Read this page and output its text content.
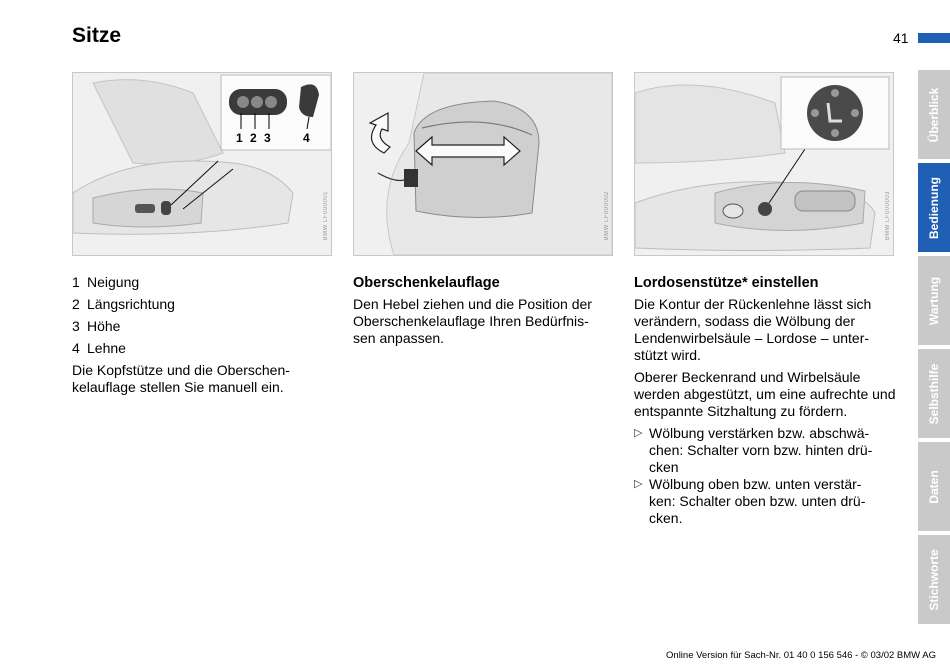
Sitze	41
1 2 3	4
BMW LF000001	BMW LF000002	BMW LF000003
1 Neigung
2 Längsrichtung
3 Höhe
4 Lehne

Die Kopfstütze und die Oberschen-
kelauflage stellen Sie manuell ein.

Oberschenkelauflage

Den Hebel ziehen und die Position der Oberschenkelauflage Ihren Bedürfnis-
sen anpassen.

Lordosenstütze* einstellen

Die Kontur der Rückenlehne lässt sich verändern, sodass die Wölbung der Lendenwirbelsäule – Lordose – unter-
stützt wird.

Oberer Beckenrand und Wirbelsäule werden abgestützt, um eine aufrechte und entspannte Sitzhaltung zu fördern.

▷ Wölbung verstärken bzw. abschwä-
chen: Schalter vorn bzw. hinten drü-
cken

▷ Wölbung oben bzw. unten verstär-
ken: Schalter oben bzw. unten drü-
cken.

Überblick
Bedienung
Wartung
Selbsthilfe
Daten
Stichworte
Online Version für Sach-Nr. 01 40 0 156 546 - © 03/02 BMW AG
